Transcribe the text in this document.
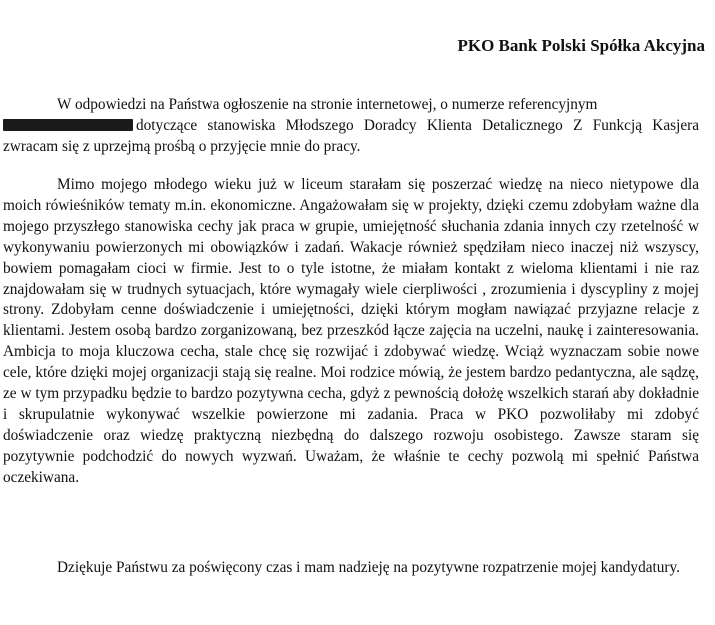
PKO Bank Polski Spółka Akcyjna
W odpowiedzi na Państwa ogłoszenie na stronie internetowej, o numerze referencyjnym
dotyczące stanowiska Młodszego Doradcy Klienta Detalicznego Z Funkcją Kasjera zwracam się z uprzejmą prośbą o przyjęcie mnie do pracy.
Mimo mojego młodego wieku już w liceum starałam się poszerzać wiedzę na nieco nietypowe dla moich rówieśników tematy m.in. ekonomiczne. Angażowałam się w projekty, dzięki czemu zdobyłam ważne dla mojego przyszłego stanowiska cechy jak praca w grupie, umiejętność słuchania zdania innych czy rzetelność w wykonywaniu powierzonych mi obowiązków i zadań. Wakacje również spędziłam nieco inaczej niż wszyscy, bowiem pomagałam cioci w firmie. Jest to o tyle istotne, że miałam kontakt z wieloma klientami i nie raz znajdowałam się w trudnych sytuacjach, które wymagały wiele cierpliwości , zrozumienia i dyscypliny z mojej strony. Zdobyłam cenne doświadczenie i umiejętności, dzięki którym mogłam nawiązać przyjazne relacje z klientami. Jestem osobą bardzo zorganizowaną, bez przeszkód łącze zajęcia na uczelni, naukę i zainteresowania. Ambicja to moja kluczowa cecha, stale chcę się rozwijać i zdobywać wiedzę. Wciąż wyznaczam sobie nowe cele, które dzięki mojej organizacji stają się realne. Moi rodzice mówią, że jestem bardzo pedantyczna, ale sądzę, ze w tym przypadku będzie to bardzo pozytywna cecha, gdyż z pewnością dołożę wszelkich starań aby dokładnie i skrupulatnie wykonywać wszelkie powierzone mi zadania. Praca w PKO pozwoliłaby mi zdobyć doświadczenie oraz wiedzę praktyczną niezbędną do dalszego rozwoju osobistego. Zawsze staram się pozytywnie podchodzić do nowych wyzwań. Uważam, że właśnie te cechy pozwolą mi spełnić Państwa oczekiwana.
Dziękuje Państwu za poświęcony czas i mam nadzieję na pozytywne rozpatrzenie mojej kandydatury.
